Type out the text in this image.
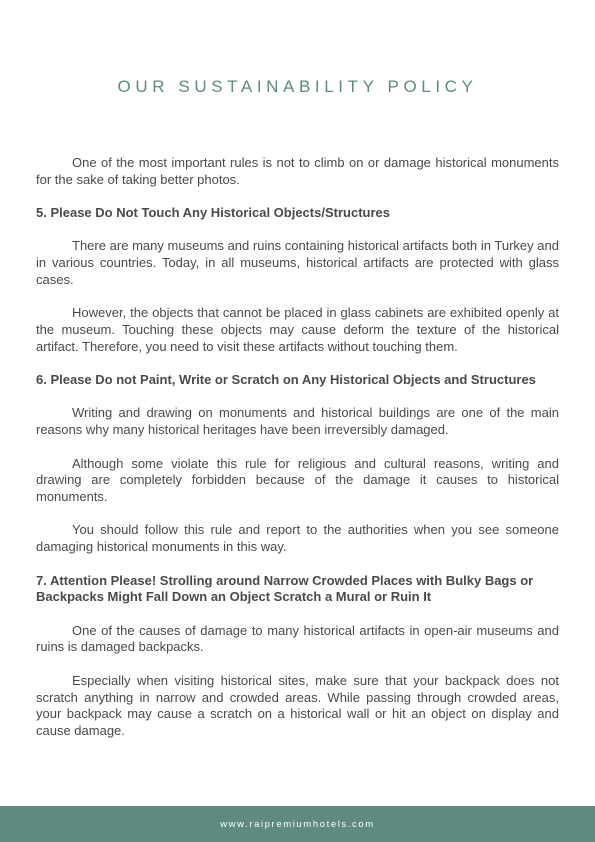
OUR SUSTAINABILITY POLICY

One of the most important rules is not to climb on or damage historical monuments for the sake of taking better photos.

5. Please Do Not Touch Any Historical Objects/Structures

There are many museums and ruins containing historical artifacts both in Turkey and in various countries. Today, in all museums, historical artifacts are protected with glass cases.

However, the objects that cannot be placed in glass cabinets are exhibited openly at the museum. Touching these objects may cause deform the texture of the historical artifact. Therefore, you need to visit these artifacts without touching them.

6. Please Do not Paint, Write or Scratch on Any Historical Objects and Structures

Writing and drawing on monuments and historical buildings are one of the main reasons why many historical heritages have been irreversibly damaged.

Although some violate this rule for religious and cultural reasons, writing and drawing are completely forbidden because of the damage it causes to historical monuments.

You should follow this rule and report to the authorities when you see someone damaging historical monuments in this way.

7. Attention Please! Strolling around Narrow Crowded Places with Bulky Bags or Backpacks Might Fall Down an Object Scratch a Mural or Ruin It

One of the causes of damage to many historical artifacts in open-air museums and ruins is damaged backpacks.

Especially when visiting historical sites, make sure that your backpack does not scratch anything in narrow and crowded areas. While passing through crowded areas, your backpack may cause a scratch on a historical wall or hit an object on display and cause damage.

www.raipremiumhotels.com
